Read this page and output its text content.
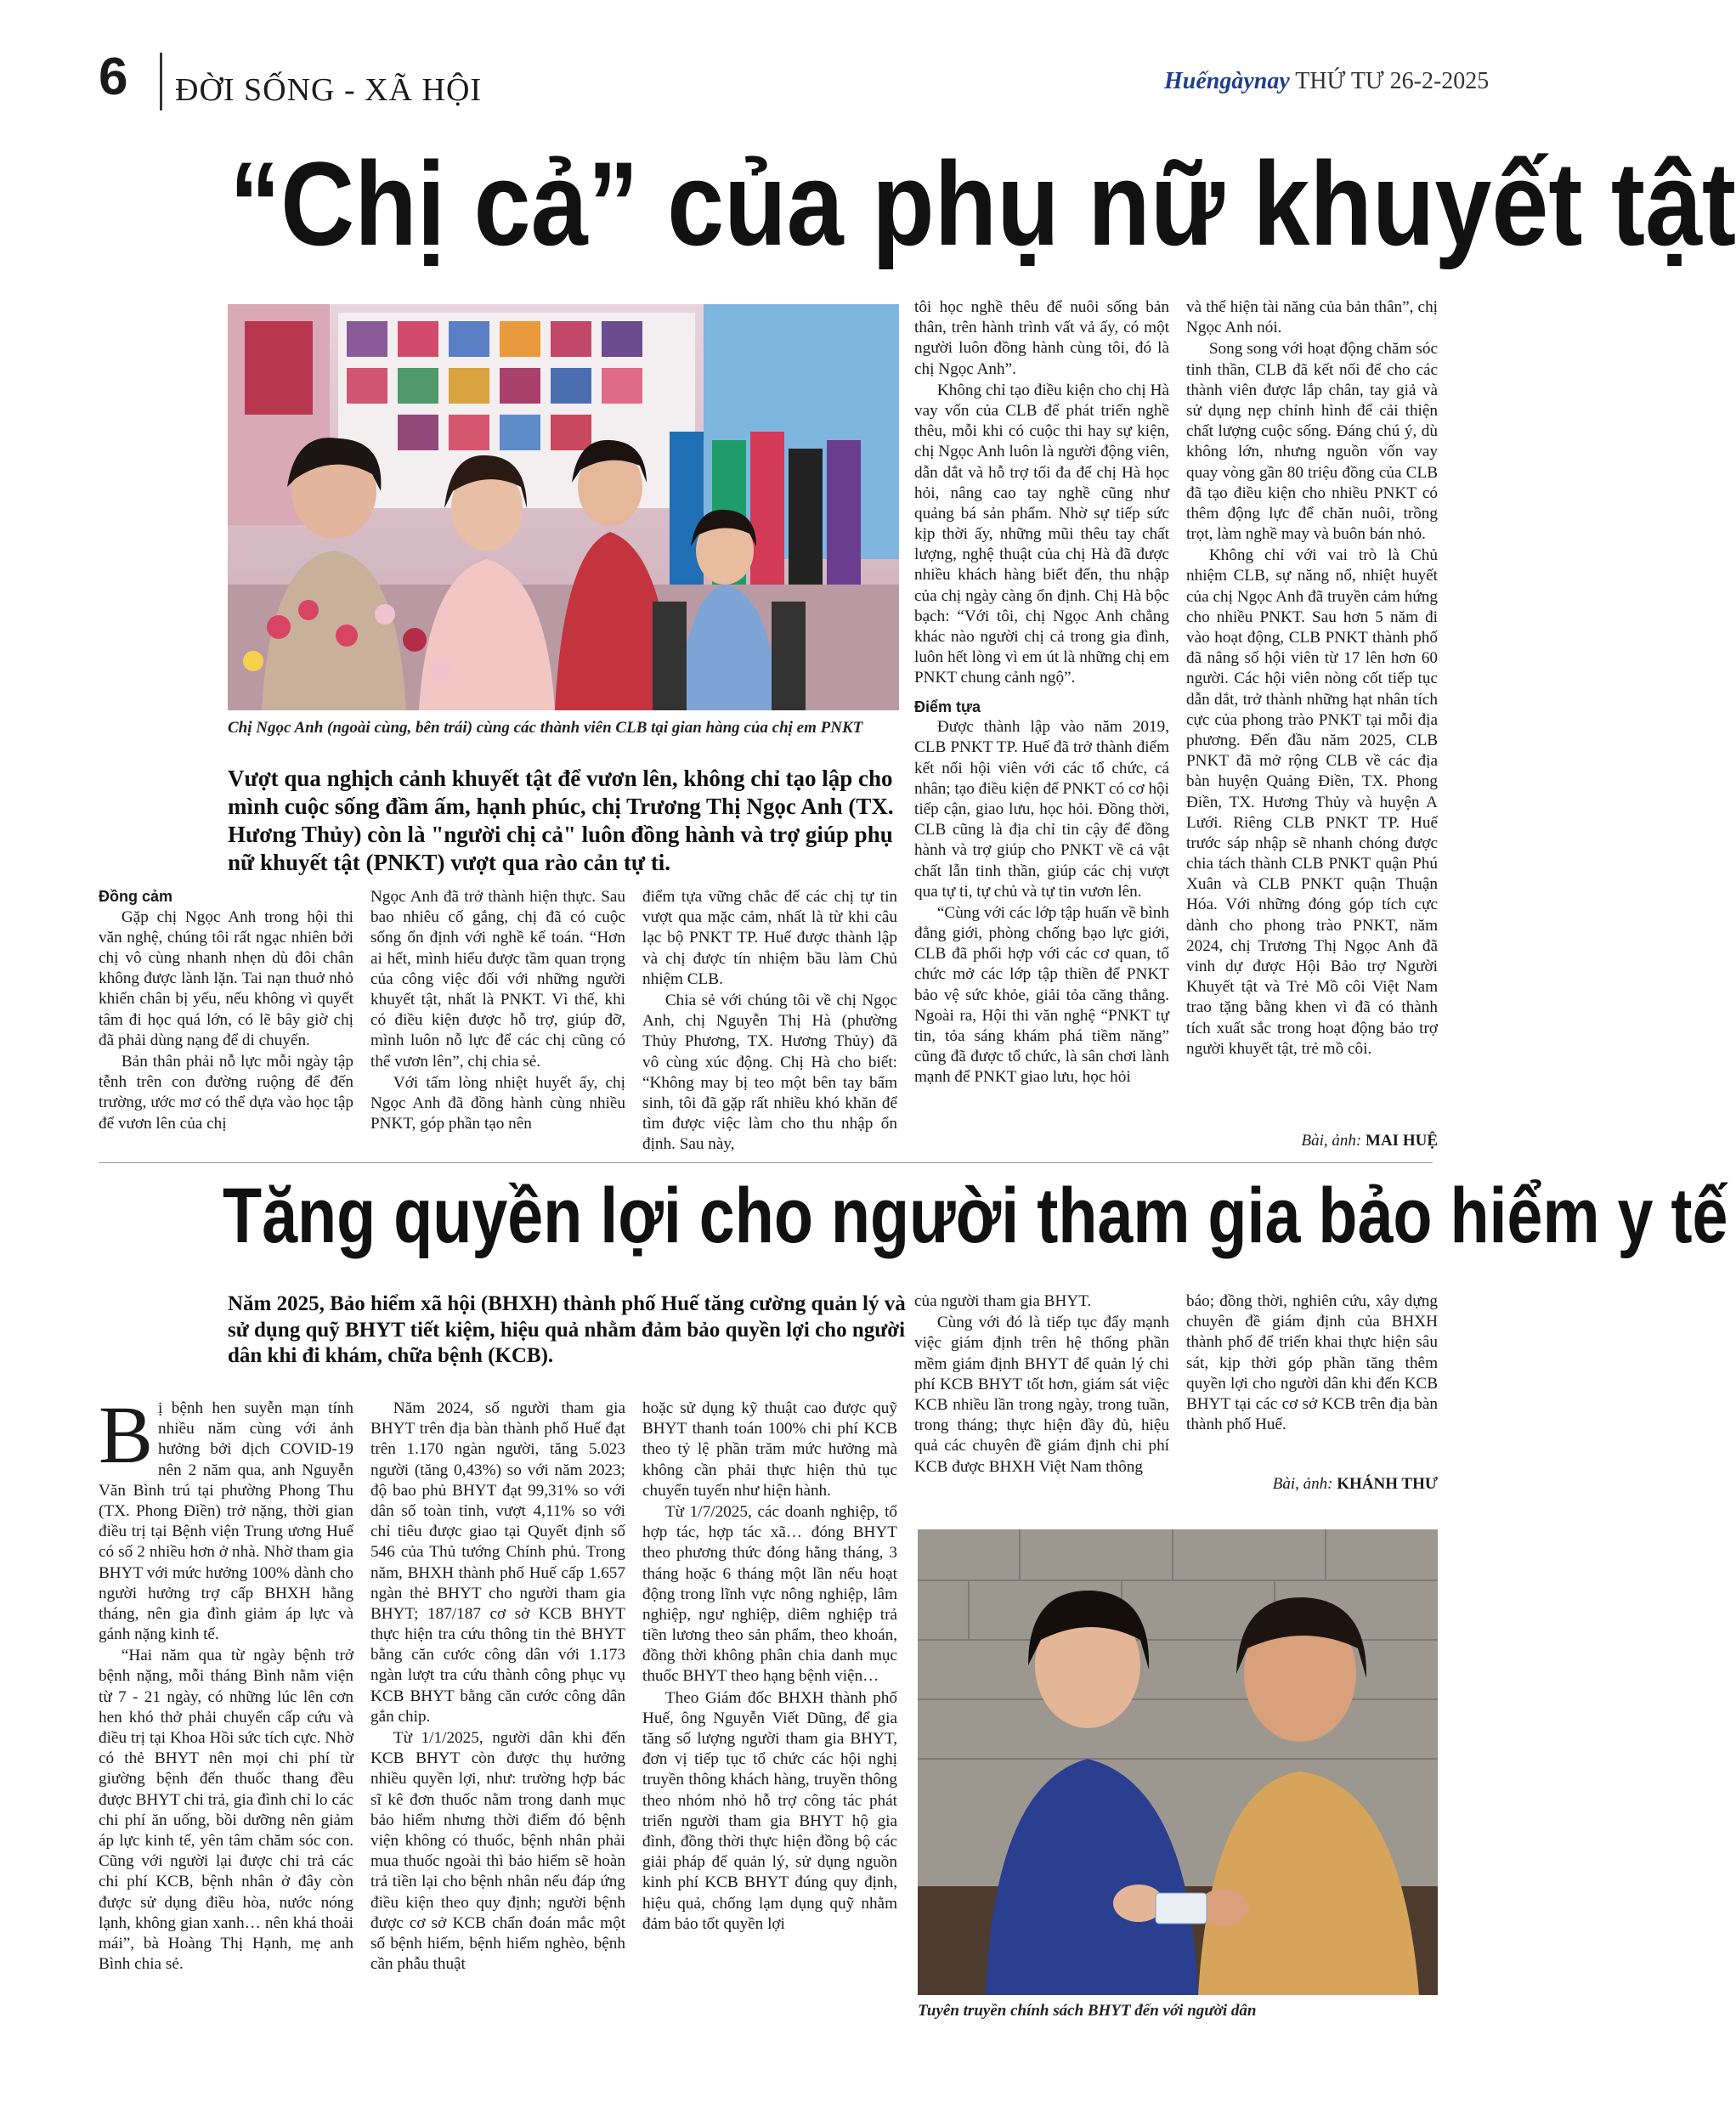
6 ĐỜI SỐNG - XÃ HỘI	Huếngàynay THỨ TƯ 26-2-2025
“Chị cả” của phụ nữ khuyết tật
Chị Ngọc Anh (ngoài cùng, bên trái) cùng các thành viên CLB tại gian hàng của chị em PNKT
Vượt qua nghịch cảnh khuyết tật để vươn lên, không chỉ tạo lập cho mình cuộc sống đầm ấm, hạnh phúc, chị Trương Thị Ngọc Anh (TX. Hương Thủy) còn là "người chị cả" luôn đồng hành và trợ giúp phụ nữ khuyết tật (PNKT) vượt qua rào cản tự ti.

Đồng cảm

Gặp chị Ngọc Anh trong hội thi văn nghệ, chúng tôi rất ngạc nhiên bởi chị vô cùng nhanh nhẹn dù đôi chân không được lành lặn. Tai nạn thuở nhỏ khiến chân bị yếu, nếu không vì quyết tâm đi học quá lớn, có lẽ bây giờ chị đã phải dùng nạng để di chuyển.

Bản thân phải nỗ lực mỗi ngày tập tễnh trên con đường ruộng để đến trường, ước mơ có thể dựa vào học tập để vươn lên của chị

Ngọc Anh đã trở thành hiện thực. Sau bao nhiêu cố gắng, chị đã có cuộc sống ổn định với nghề kế toán. “Hơn ai hết, mình hiểu được tầm quan trọng của công việc đối với những người khuyết tật, nhất là PNKT. Vì thế, khi có điều kiện được hỗ trợ, giúp đỡ, mình luôn nỗ lực để các chị cũng có thể vươn lên”, chị chia sẻ.

Với tấm lòng nhiệt huyết ấy, chị Ngọc Anh đã đồng hành cùng nhiều PNKT, góp phần tạo nên

điểm tựa vững chắc để các chị tự tin vượt qua mặc cảm, nhất là từ khi câu lạc bộ PNKT TP. Huế được thành lập và chị được tín nhiệm bầu làm Chủ nhiệm CLB.

Chia sẻ với chúng tôi về chị Ngọc Anh, chị Nguyễn Thị Hà (phường Thủy Phương, TX. Hương Thủy) đã vô cùng xúc động. Chị Hà cho biết: “Không may bị teo một bên tay bẩm sinh, tôi đã gặp rất nhiều khó khăn để tìm được việc làm cho thu nhập ổn định. Sau này,

tôi học nghề thêu để nuôi sống bản thân, trên hành trình vất vả ấy, có một người luôn đồng hành cùng tôi, đó là chị Ngọc Anh”.

Không chỉ tạo điều kiện cho chị Hà vay vốn của CLB để phát triển nghề thêu, mỗi khi có cuộc thi hay sự kiện, chị Ngọc Anh luôn là người động viên, dẫn dắt và hỗ trợ tối đa để chị Hà học hỏi, nâng cao tay nghề cũng như quảng bá sản phẩm. Nhờ sự tiếp sức kịp thời ấy, những mũi thêu tay chất lượng, nghệ thuật của chị Hà đã được nhiều khách hàng biết đến, thu nhập của chị ngày càng ổn định. Chị Hà bộc bạch: “Với tôi, chị Ngọc Anh chẳng khác nào người chị cả trong gia đình, luôn hết lòng vì em út là những chị em PNKT chung cảnh ngộ”.

Điểm tựa

Được thành lập vào năm 2019, CLB PNKT TP. Huế đã trở thành điểm kết nối hội viên với các tổ chức, cá nhân; tạo điều kiện để PNKT có cơ hội tiếp cận, giao lưu, học hỏi. Đồng thời, CLB cũng là địa chỉ tin cậy để đồng hành và trợ giúp cho PNKT về cả vật chất lẫn tinh thần, giúp các chị vượt qua tự ti, tự chủ và tự tin vươn lên.

“Cùng với các lớp tập huấn về bình đẳng giới, phòng chống bạo lực giới, CLB đã phối hợp với các cơ quan, tổ chức mở các lớp tập thiền để PNKT bảo vệ sức khỏe, giải tỏa căng thẳng. Ngoài ra, Hội thi văn nghệ “PNKT tự tin, tỏa sáng khám phá tiềm năng” cũng đã được tổ chức, là sân chơi lành mạnh để PNKT giao lưu, học hỏi

và thể hiện tài năng của bản thân”, chị Ngọc Anh nói.

Song song với hoạt động chăm sóc tinh thần, CLB đã kết nối để cho các thành viên được lắp chân, tay giả và sử dụng nẹp chỉnh hình để cải thiện chất lượng cuộc sống. Đáng chú ý, dù không lớn, nhưng nguồn vốn vay quay vòng gần 80 triệu đồng của CLB đã tạo điều kiện cho nhiều PNKT có thêm động lực để chăn nuôi, trồng trọt, làm nghề may và buôn bán nhỏ.

Không chỉ với vai trò là Chủ nhiệm CLB, sự năng nổ, nhiệt huyết của chị Ngọc Anh đã truyền cảm hứng cho nhiều PNKT. Sau hơn 5 năm đi vào hoạt động, CLB PNKT thành phố đã nâng số hội viên từ 17 lên hơn 60 người. Các hội viên nòng cốt tiếp tục dẫn dắt, trở thành những hạt nhân tích cực của phong trào PNKT tại mỗi địa phương. Đến đầu năm 2025, CLB PNKT đã mở rộng CLB về các địa bàn huyện Quảng Điền, TX. Phong Điền, TX. Hương Thủy và huyện A Lưới. Riêng CLB PNKT TP. Huế trước sáp nhập sẽ nhanh chóng được chia tách thành CLB PNKT quận Phú Xuân và CLB PNKT quận Thuận Hóa. Với những đóng góp tích cực dành cho phong trào PNKT, năm 2024, chị Trương Thị Ngọc Anh đã vinh dự được Hội Bảo trợ Người Khuyết tật và Trẻ Mồ côi Việt Nam trao tặng bằng khen vì đã có thành tích xuất sắc trong hoạt động bảo trợ người khuyết tật, trẻ mồ côi.

Bài, ảnh: MAI HUỆ
Tăng quyền lợi cho người tham gia bảo hiểm y tế
Năm 2025, Bảo hiểm xã hội (BHXH) thành phố Huế tăng cường quản lý và sử dụng quỹ BHYT tiết kiệm, hiệu quả nhằm đảm bảo quyền lợi cho người dân khi đi khám, chữa bệnh (KCB).

Bị bệnh hen suyễn mạn tính nhiều năm cùng với ảnh hưởng bởi dịch COVID-19 nên 2 năm qua, anh Nguyễn Văn Bình trú tại phường Phong Thu (TX. Phong Điền) trở nặng, thời gian điều trị tại Bệnh viện Trung ương Huế có số 2 nhiều hơn ở nhà. Nhờ tham gia BHYT với mức hưởng 100% dành cho người hưởng trợ cấp BHXH hằng tháng, nên gia đình giảm áp lực và gánh nặng kinh tế.

“Hai năm qua từ ngày bệnh trở bệnh nặng, mỗi tháng Bình nằm viện từ 7 - 21 ngày, có những lúc lên cơn hen khó thở phải chuyển cấp cứu và điều trị tại Khoa Hồi sức tích cực. Nhờ có thẻ BHYT nên mọi chi phí từ giường bệnh đến thuốc thang đều được BHYT chi trả, gia đình chỉ lo các chi phí ăn uống, bồi dưỡng nên giảm áp lực kinh tế, yên tâm chăm sóc con. Cũng với người lại được chi trả các chi phí KCB, bệnh nhân ở đây còn được sử dụng điều hòa, nước nóng lạnh, không gian xanh… nên khá thoải mái”, bà Hoàng Thị Hạnh, mẹ anh Bình chia sẻ.

Năm 2024, số người tham gia BHYT trên địa bàn thành phố Huế đạt trên 1.170 ngàn người, tăng 5.023 người (tăng 0,43%) so với năm 2023; độ bao phủ BHYT đạt 99,31% so với dân số toàn tỉnh, vượt 4,11% so với chỉ tiêu được giao tại Quyết định số 546 của Thủ tướng Chính phủ. Trong năm, BHXH thành phố Huế cấp 1.657 ngàn thẻ BHYT cho người tham gia BHYT; 187/187 cơ sở KCB BHYT thực hiện tra cứu thông tin thẻ BHYT bằng căn cước công dân với 1.173 ngàn lượt tra cứu thành công phục vụ KCB BHYT bằng căn cước công dân gắn chip.

Từ 1/1/2025, người dân khi đến KCB BHYT còn được thụ hưởng nhiều quyền lợi, như: trường hợp bác sĩ kê đơn thuốc nằm trong danh mục bảo hiểm nhưng thời điểm đó bệnh viện không có thuốc, bệnh nhân phải mua thuốc ngoài thì bảo hiểm sẽ hoàn trả tiền lại cho bệnh nhân nếu đáp ứng điều kiện theo quy định; người bệnh được cơ sở KCB chẩn đoán mắc một số bệnh hiếm, bệnh hiểm nghèo, bệnh cần phẫu thuật

hoặc sử dụng kỹ thuật cao được quỹ BHYT thanh toán 100% chi phí KCB theo tỷ lệ phần trăm mức hưởng mà không cần phải thực hiện thủ tục chuyển tuyến như hiện hành.

Từ 1/7/2025, các doanh nghiệp, tổ hợp tác, hợp tác xã… đóng BHYT theo phương thức đóng hằng tháng, 3 tháng hoặc 6 tháng một lần nếu hoạt động trong lĩnh vực nông nghiệp, lâm nghiệp, ngư nghiệp, diêm nghiệp trả tiền lương theo sản phẩm, theo khoán, đồng thời không phân chia danh mục thuốc BHYT theo hạng bệnh viện…

Theo Giám đốc BHXH thành phố Huế, ông Nguyễn Viết Dũng, để gia tăng số lượng người tham gia BHYT, đơn vị tiếp tục tổ chức các hội nghị truyền thông khách hàng, truyền thông theo nhóm nhỏ hỗ trợ công tác phát triển người tham gia BHYT hộ gia đình, đồng thời thực hiện đồng bộ các giải pháp để quản lý, sử dụng nguồn kinh phí KCB BHYT đúng quy định, hiệu quả, chống lạm dụng quỹ nhằm đảm bảo tốt quyền lợi

của người tham gia BHYT.

Cùng với đó là tiếp tục đẩy mạnh việc giám định trên hệ thống phần mềm giám định BHYT để quản lý chi phí KCB BHYT tốt hơn, giám sát việc KCB nhiều lần trong ngày, trong tuần, trong tháng; thực hiện đầy đủ, hiệu quả các chuyên đề giám định chi phí KCB được BHXH Việt Nam thông

báo; đồng thời, nghiên cứu, xây dựng chuyên đề giám định của BHXH thành phố để triển khai thực hiện sâu sát, kịp thời góp phần tăng thêm quyền lợi cho người dân khi đến KCB BHYT tại các cơ sở KCB trên địa bàn thành phố Huế.

Bài, ảnh: KHÁNH THƯ
Tuyên truyền chính sách BHYT đến với người dân
